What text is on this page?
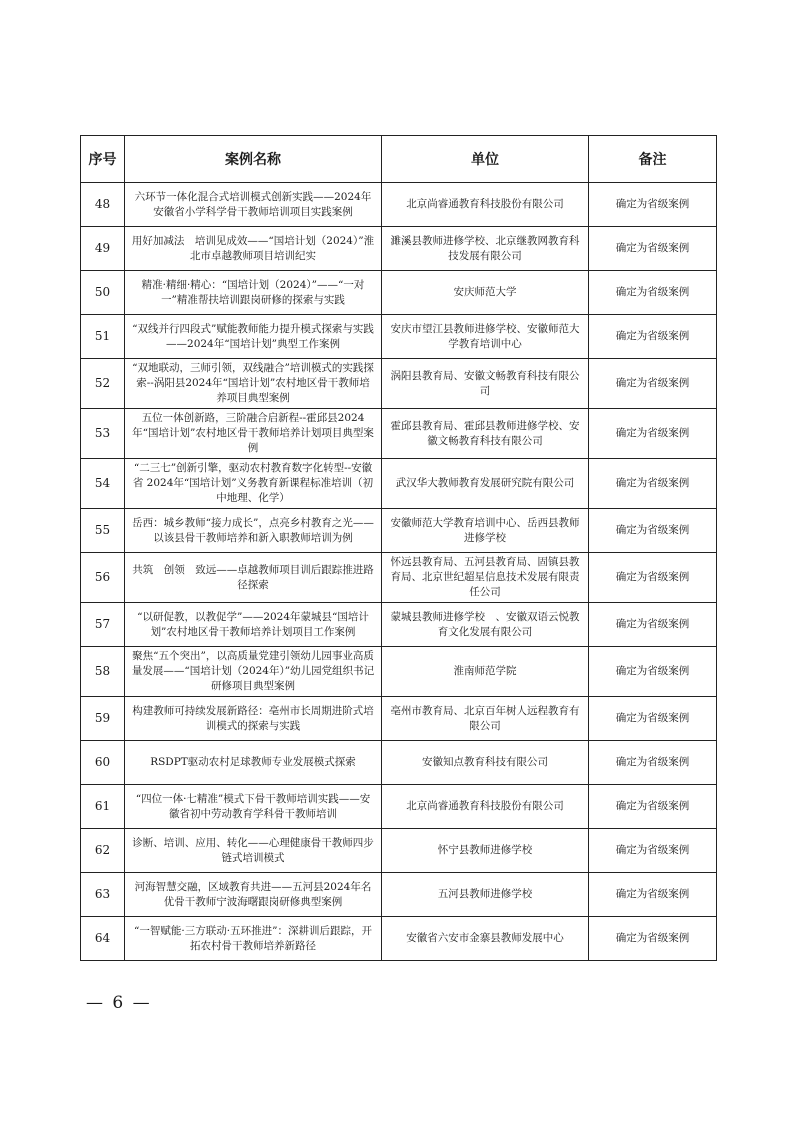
序号	案例名称	单位	备注
48	六环节一体化混合式培训模式创新实践——2024年安徽省小学科学骨干教师培训项目实践案例	北京尚睿通教育科技股份有限公司	确定为省级案例
49	用好加减法　培训见成效——“国培计划（2024）”淮北市卓越教师项目培训纪实	濉溪县教师进修学校、北京继教网教育科技发展有限公司	确定为省级案例
50	精准·精细·精心：“国培计划（2024）”——“一对一”精准帮扶培训跟岗研修的探索与实践	安庆师范大学	确定为省级案例
51	“双线并行四段式”赋能教师能力提升模式探索与实践——2024年“国培计划”典型工作案例	安庆市望江县教师进修学校、安徽师范大学教育培训中心	确定为省级案例
52	“双地联动，三师引领，双线融合”培训模式的实践探索--涡阳县2024年“国培计划”农村地区骨干教师培养项目典型案例	涡阳县教育局、安徽文畅教育科技有限公司	确定为省级案例
53	五位一体创新路，三阶融合启新程--霍邱县2024年“国培计划”农村地区骨干教师培养计划项目典型案例	霍邱县教育局、霍邱县教师进修学校、安徽文畅教育科技有限公司	确定为省级案例
54	“二三七”创新引擎，驱动农村教育数字化转型--安徽省 2024年“国培计划”义务教育新课程标准培训（初中地理、化学）	武汉华大教师教育发展研究院有限公司	确定为省级案例
55	岳西：城乡教师“接力成长”，点亮乡村教育之光——以该县骨干教师培养和新入职教师培训为例	安徽师范大学教育培训中心、岳西县教师进修学校	确定为省级案例
56	共筑　创领　致远——卓越教师项目训后跟踪推进路径探索	怀远县教育局、五河县教育局、固镇县教育局、北京世纪超星信息技术发展有限责任公司	确定为省级案例
57	“以研促教，以教促学”——2024年蒙城县“国培计划”农村地区骨干教师培养计划项目工作案例	蒙城县教师进修学校　、安徽双语云悦教育文化发展有限公司	确定为省级案例
58	聚焦“五个突出”，以高质量党建引领幼儿园事业高质量发展——“国培计划（2024年）”幼儿园党组织书记研修项目典型案例	淮南师范学院	确定为省级案例
59	构建教师可持续发展新路径：亳州市长周期进阶式培训模式的探索与实践	亳州市教育局、北京百年树人远程教育有限公司	确定为省级案例
60	RSDPT驱动农村足球教师专业发展模式探索	安徽知点教育科技有限公司	确定为省级案例
61	“四位一体·七精准”模式下骨干教师培训实践——安徽省初中劳动教育学科骨干教师培训	北京尚睿通教育科技股份有限公司	确定为省级案例
62	诊断、培训、应用、转化——心理健康骨干教师四步链式培训模式	怀宁县教师进修学校	确定为省级案例
63	河海智慧交融，区域教育共进——五河县2024年名优骨干教师宁波海曙跟岗研修典型案例	五河县教师进修学校	确定为省级案例
64	“一智赋能·三方联动·五环推进”：深耕训后跟踪，开拓农村骨干教师培养新路径	安徽省六安市金寨县教师发展中心	确定为省级案例
— 6 —
